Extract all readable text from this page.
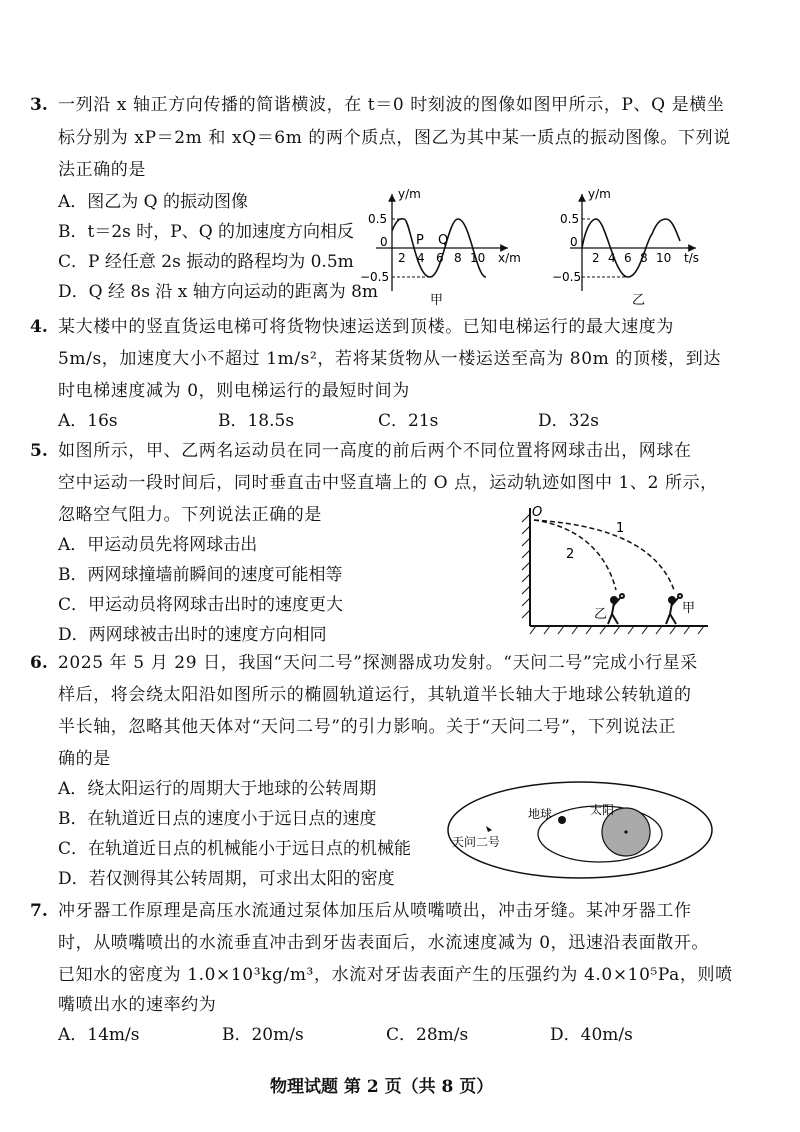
3. 一列沿 x 轴正方向传播的简谐横波，在 t＝0 时刻波的图像如图甲所示，P、Q 是横坐
标分别为 xP＝2m 和 xQ＝6m 的两个质点，图乙为其中某一质点的振动图像。下列说
法正确的是
A．图乙为 Q 的振动图像
B．t＝2s 时，P、Q 的加速度方向相反
C．P 经任意 2s 振动的路程均为 0.5m
D．Q 经 8s 沿 x 轴方向运动的距离为 8m
y/m
x/m
0.5
0
−0.5
2 4 6 8 10
P Q
甲
y/m
t/s
0.5
0
−0.5
2 4 6 8 10
乙
4. 某大楼中的竖直货运电梯可将货物快速运送到顶楼。已知电梯运行的最大速度为
5m/s，加速度大小不超过 1m/s²，若将某货物从一楼运送至高为 80m 的顶楼，到达
时电梯速度减为 0，则电梯运行的最短时间为
A．16s	B．18.5s	C．21s	D．32s
5. 如图所示，甲、乙两名运动员在同一高度的前后两个不同位置将网球击出，网球在
空中运动一段时间后，同时垂直击中竖直墙上的 O 点，运动轨迹如图中 1、2 所示，
忽略空气阻力。下列说法正确的是
A．甲运动员先将网球击出
B．两网球撞墙前瞬间的速度可能相等
C．甲运动员将网球击出时的速度更大
D．两网球被击出时的速度方向相同
O
1
2
乙	甲
6. 2025 年 5 月 29 日，我国“天问二号”探测器成功发射。“天问二号”完成小行星采
样后，将会绕太阳沿如图所示的椭圆轨道运行，其轨道半长轴大于地球公转轨道的
半长轴，忽略其他天体对“天问二号”的引力影响。关于“天问二号”，下列说法正
确的是
A．绕太阳运行的周期大于地球的公转周期
B．在轨道近日点的速度小于远日点的速度
C．在轨道近日点的机械能小于远日点的机械能
D．若仅测得其公转周期，可求出太阳的密度
地球	太阳
天问二号
7. 冲牙器工作原理是高压水流通过泵体加压后从喷嘴喷出，冲击牙缝。某冲牙器工作
时，从喷嘴喷出的水流垂直冲击到牙齿表面后，水流速度减为 0，迅速沿表面散开。
已知水的密度为 1.0×10³kg/m³，水流对牙齿表面产生的压强约为 4.0×10⁵Pa，则喷
嘴喷出水的速率约为
A．14m/s	B．20m/s	C．28m/s	D．40m/s
物理试题 第 2 页（共 8 页）
